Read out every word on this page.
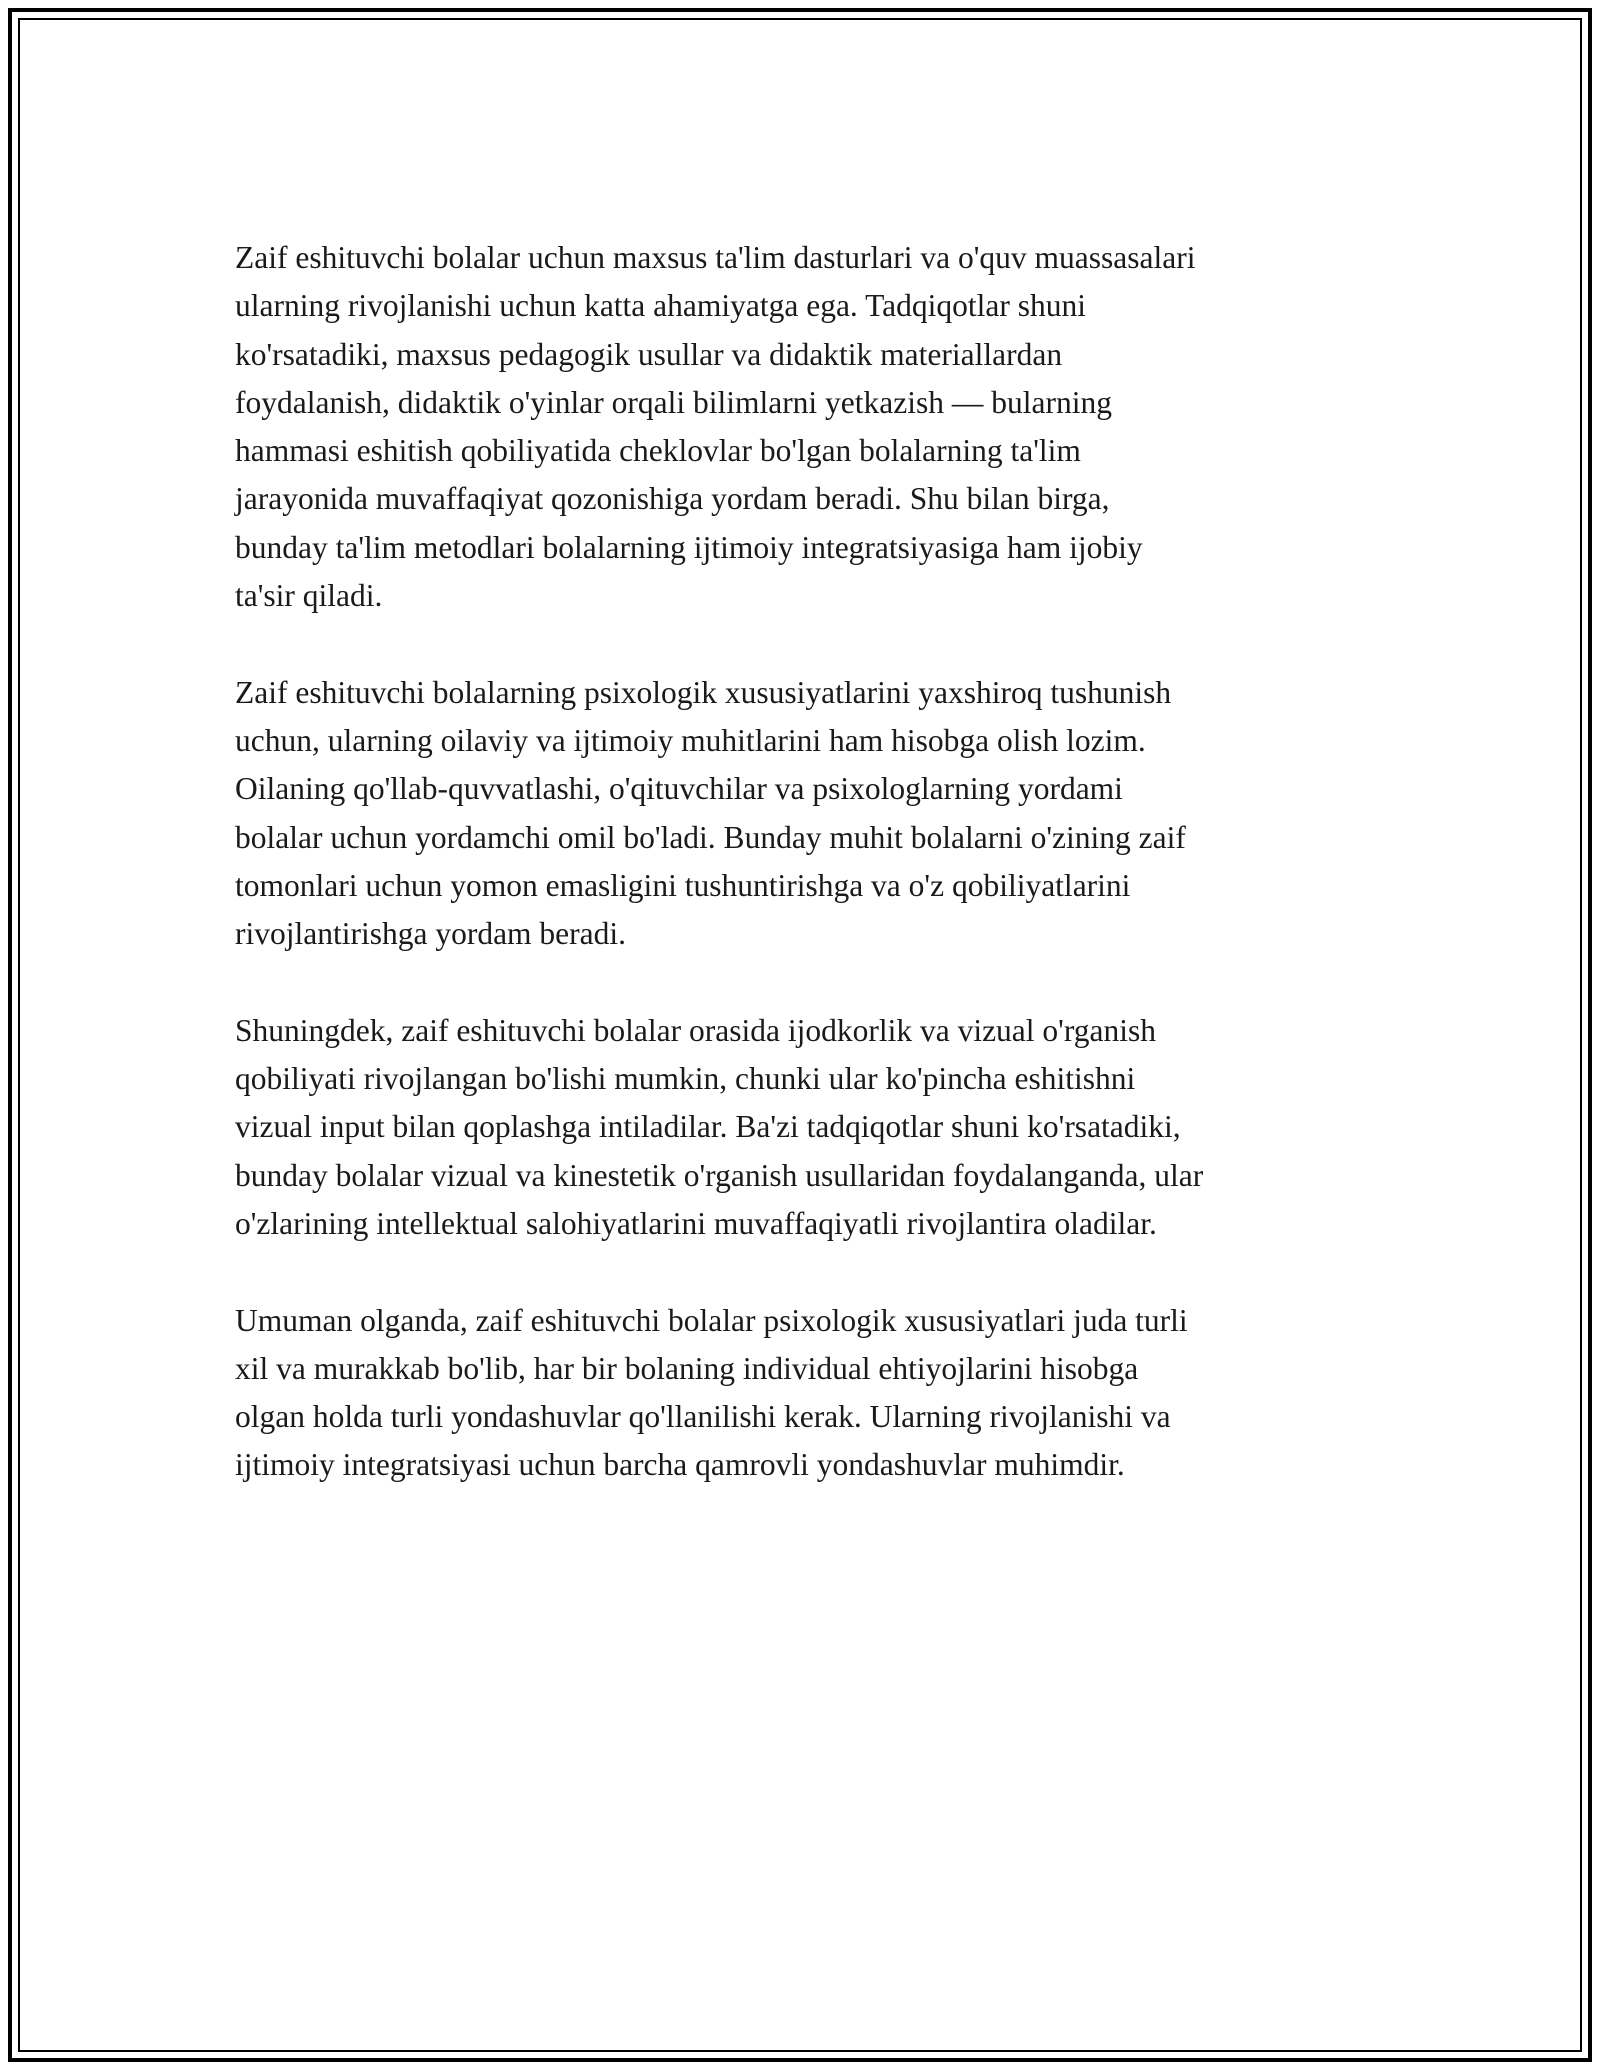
Zaif eshituvchi bolalar uchun maxsus ta'lim dasturlari va o'quv muassasalari
ularning rivojlanishi uchun katta ahamiyatga ega. Tadqiqotlar shuni
ko'rsatadiki, maxsus pedagogik usullar va didaktik materiallardan
foydalanish, didaktik o'yinlar orqali bilimlarni yetkazish — bularning
hammasi eshitish qobiliyatida cheklovlar bo'lgan bolalarning ta'lim
jarayonida muvaffaqiyat qozonishiga yordam beradi. Shu bilan birga,
bunday ta'lim metodlari bolalarning ijtimoiy integratsiyasiga ham ijobiy
ta'sir qiladi.

Zaif eshituvchi bolalarning psixologik xususiyatlarini yaxshiroq tushunish
uchun, ularning oilaviy va ijtimoiy muhitlarini ham hisobga olish lozim.
Oilaning qo'llab-quvvatlashi, o'qituvchilar va psixologlarning yordami
bolalar uchun yordamchi omil bo'ladi. Bunday muhit bolalarni o'zining zaif
tomonlari uchun yomon emasligini tushuntirishga va o'z qobiliyatlarini
rivojlantirishga yordam beradi.

Shuningdek, zaif eshituvchi bolalar orasida ijodkorlik va vizual o'rganish
qobiliyati rivojlangan bo'lishi mumkin, chunki ular ko'pincha eshitishni
vizual input bilan qoplashga intiladilar. Ba'zi tadqiqotlar shuni ko'rsatadiki,
bunday bolalar vizual va kinestetik o'rganish usullaridan foydalanganda, ular
o'zlarining intellektual salohiyatlarini muvaffaqiyatli rivojlantira oladilar.

Umuman olganda, zaif eshituvchi bolalar psixologik xususiyatlari juda turli
xil va murakkab bo'lib, har bir bolaning individual ehtiyojlarini hisobga
olgan holda turli yondashuvlar qo'llanilishi kerak. Ularning rivojlanishi va
ijtimoiy integratsiyasi uchun barcha qamrovli yondashuvlar muhimdir.
